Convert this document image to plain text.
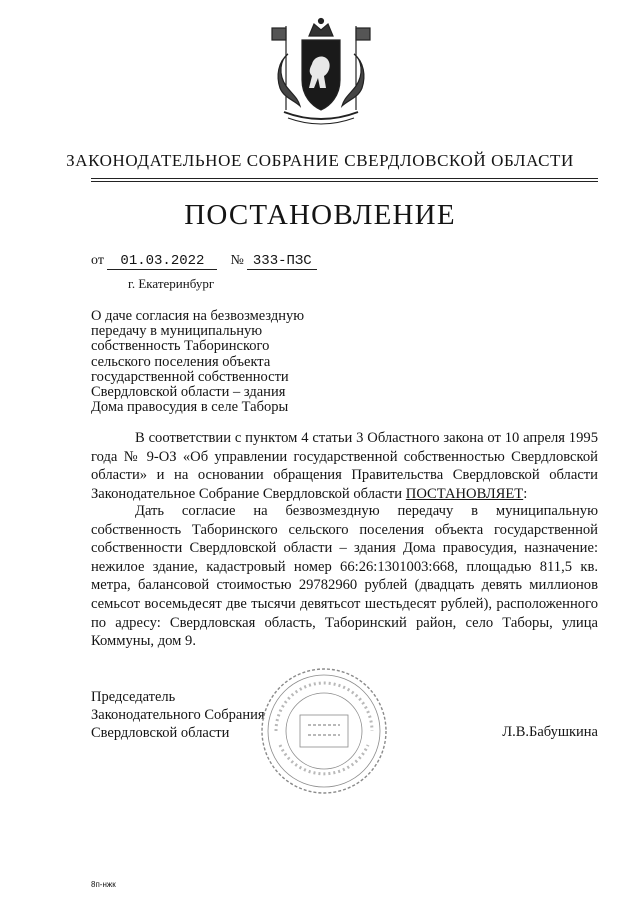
ЗАКОНОДАТЕЛЬНОЕ СОБРАНИЕ СВЕРДЛОВСКОЙ ОБЛАСТИ
ПОСТАНОВЛЕНИЕ
от 01.03.2022 № 333-ПЗС
г. Екатеринбург
О даче согласия на безвозмездную
передачу в муниципальную
собственность Таборинского
сельского поселения объекта
государственной собственности
Свердловской области – здания
Дома правосудия в селе Таборы
В соответствии с пунктом 4 статьи 3 Областного закона от 10 апреля 1995 года № 9-ОЗ «Об управлении государственной собственностью Свердловской области» и на основании обращения Правительства Свердловской области Законодательное Собрание Свердловской области ПОСТАНОВЛЯЕТ:
Дать согласие на безвозмездную передачу в муниципальную собственность Таборинского сельского поселения объекта государственной собственности Свердловской области – здания Дома правосудия, назначение: нежилое здание, кадастровый номер 66:26:1301003:668, площадью 811,5 кв. метра, балансовой стоимостью 29782960 рублей (двадцать девять миллионов семьсот восемьдесят две тысячи девятьсот шестьдесят рублей), расположенного по адресу: Свердловская область, Таборинский район, село Таборы, улица Коммуны, дом 9.
Председатель
Законодательного Собрания
Свердловской области	Л.В.Бабушкина
8п-нжк
